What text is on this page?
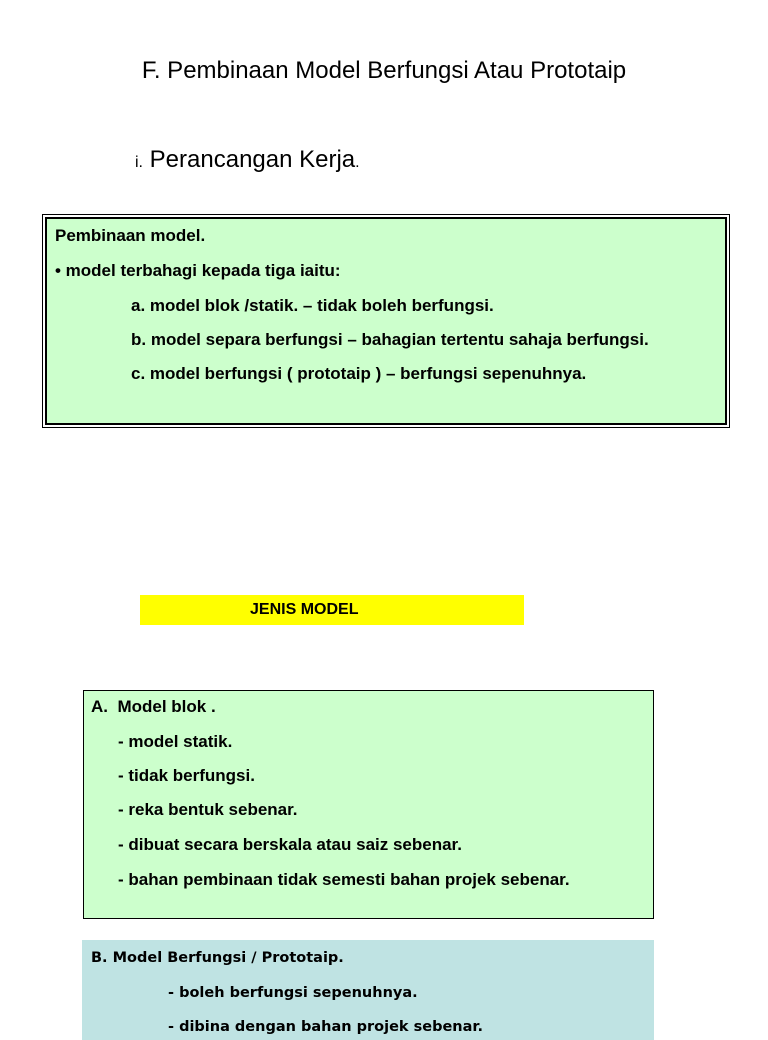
F. Pembinaan Model Berfungsi Atau Prototaip
i. Perancangan Kerja.
Pembinaan model.
• model terbahagi kepada tiga iaitu:
a. model blok /statik. – tidak boleh berfungsi.
b. model separa berfungsi – bahagian tertentu sahaja berfungsi.
c. model berfungsi ( prototaip ) – berfungsi sepenuhnya.
JENIS MODEL
A. Model blok .
- model statik.
- tidak berfungsi.
- reka bentuk sebenar.
- dibuat secara berskala atau saiz sebenar.
- bahan pembinaan tidak semesti bahan projek sebenar.
B. Model Berfungsi / Prototaip.
- boleh berfungsi sepenuhnya.
- dibina dengan bahan projek sebenar.
